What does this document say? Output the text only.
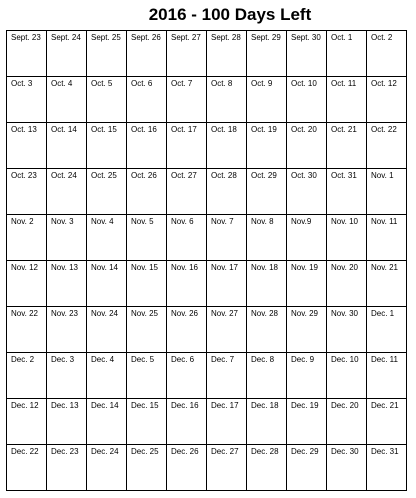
2016 - 100 Days Left
Sept. 23	Sept. 24	Sept. 25	Sept. 26	Sept. 27	Sept. 28	Sept. 29	Sept. 30	Oct. 1	Oct. 2
Oct. 3	Oct. 4	Oct. 5	Oct. 6	Oct. 7	Oct. 8	Oct. 9	Oct. 10	Oct. 11	Oct. 12
Oct. 13	Oct. 14	Oct. 15	Oct. 16	Oct. 17	Oct. 18	Oct. 19	Oct. 20	Oct. 21	Oct. 22
Oct. 23	Oct. 24	Oct. 25	Oct. 26	Oct. 27	Oct. 28	Oct. 29	Oct. 30	Oct. 31	Nov. 1
Nov. 2	Nov. 3	Nov. 4	Nov. 5	Nov. 6	Nov. 7	Nov. 8	Nov.9	Nov. 10	Nov. 11
Nov. 12	Nov. 13	Nov. 14	Nov. 15	Nov. 16	Nov. 17	Nov. 18	Nov. 19	Nov. 20	Nov. 21
Nov. 22	Nov. 23	Nov. 24	Nov. 25	Nov. 26	Nov. 27	Nov. 28	Nov. 29	Nov. 30	Dec. 1
Dec. 2	Dec. 3	Dec. 4	Dec. 5	Dec. 6	Dec. 7	Dec. 8	Dec. 9	Dec. 10	Dec. 11
Dec. 12	Dec. 13	Dec. 14	Dec. 15	Dec. 16	Dec. 17	Dec. 18	Dec. 19	Dec. 20	Dec. 21
Dec. 22	Dec. 23	Dec. 24	Dec. 25	Dec. 26	Dec. 27	Dec. 28	Dec. 29	Dec. 30	Dec. 31
